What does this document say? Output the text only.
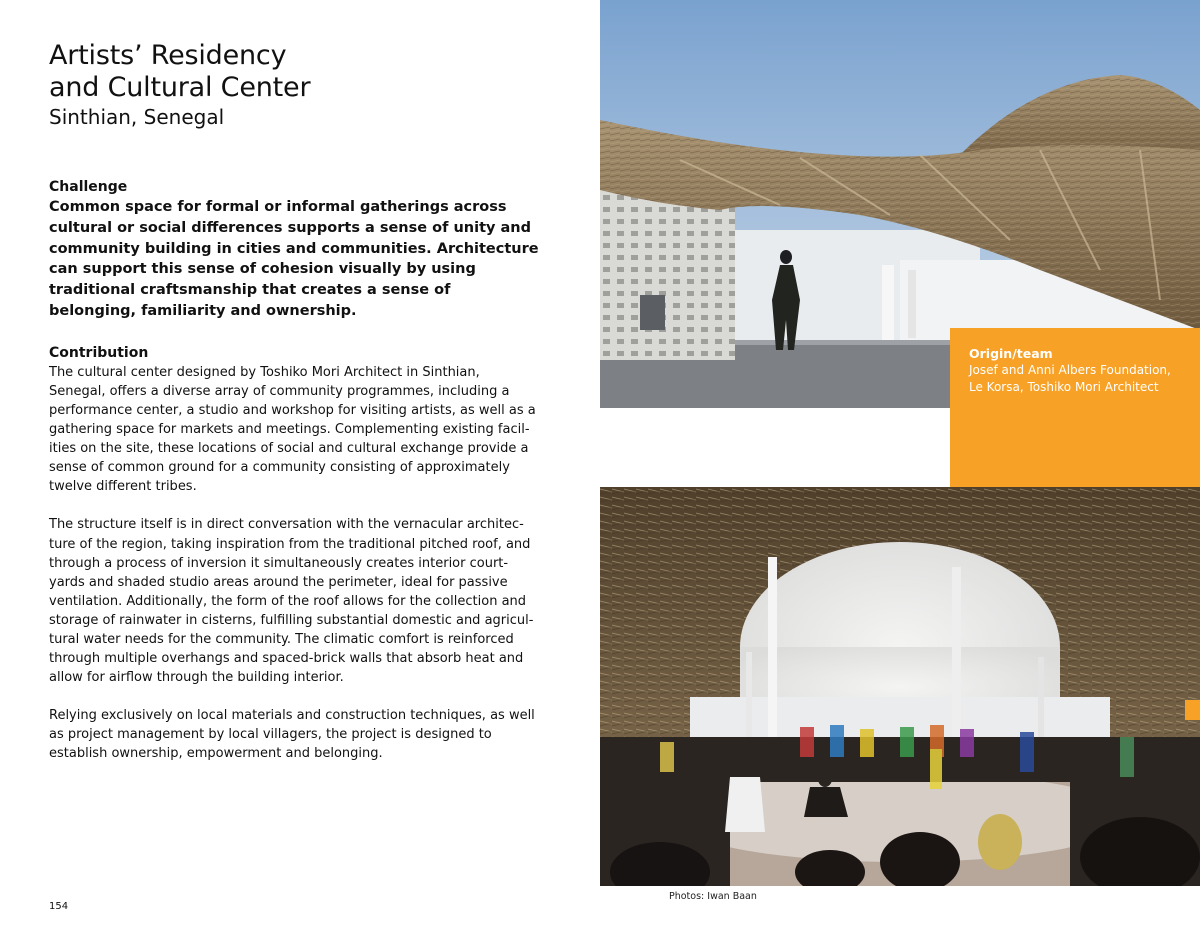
Artists’ Residency
and Cultural Center

Sinthian, Senegal

Challenge

Common space for formal or informal gatherings across cultural or social differences supports a sense of unity and community building in cities and communities. Architecture can support this sense of cohesion visually by using traditional craftsmanship that creates a sense of belonging, familiarity and ownership.

Contribution

The cultural center designed by Toshiko Mori Architect in Sinthian, Senegal, offers a diverse array of community programmes, including a performance center, a studio and workshop for visiting artists, as well as a gathering space for markets and meetings. Complementing existing facil-ities on the site, these locations of social and cultural exchange provide a sense of common ground for a community consisting of approximately twelve different tribes.

The structure itself is in direct conversation with the vernacular architec-ture of the region, taking inspiration from the traditional pitched roof, and through a process of inversion it simultaneously creates interior court-yards and shaded studio areas around the perimeter, ideal for passive ventilation. Additionally, the form of the roof allows for the collection and storage of rainwater in cisterns, fulfilling substantial domestic and agricul-tural water needs for the community. The climatic comfort is reinforced through multiple overhangs and spaced-brick walls that absorb heat and allow for airflow through the building interior.

Relying exclusively on local materials and construction techniques, as well as project management by local villagers, the project is designed to establish ownership, empowerment and belonging.

154

Origin/team

Josef and Anni Albers Foundation,
Le Korsa, Toshiko Mori Architect

Photos: Iwan Baan
